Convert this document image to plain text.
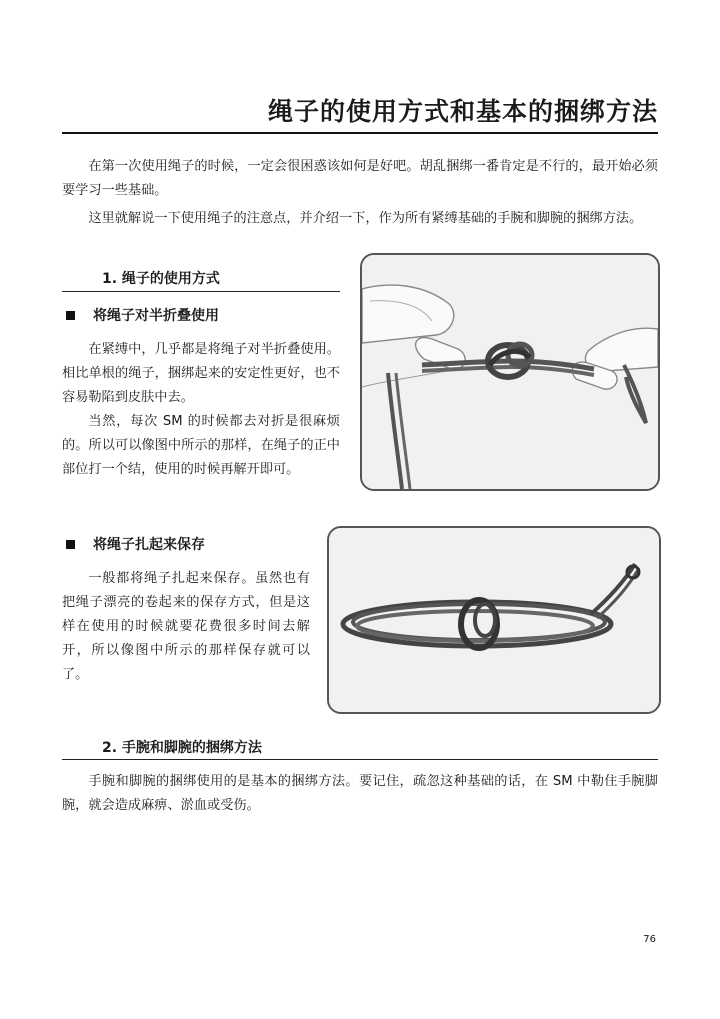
绳子的使用方式和基本的捆绑方法

在第一次使用绳子的时候，一定会很困惑该如何是好吧。胡乱捆绑一番肯定是不行的，最开始必须要学习一些基础。

这里就解说一下使用绳子的注意点，并介绍一下，作为所有紧缚基础的手腕和脚腕的捆绑方法。

1. 绳子的使用方式
将绳子对半折叠使用

在紧缚中，几乎都是将绳子对半折叠使用。相比单根的绳子，捆绑起来的安定性更好，也不容易勒陷到皮肤中去。

当然，每次 SM 的时候都去对折是很麻烦的。所以可以像图中所示的那样，在绳子的正中部位打一个结，使用的时候再解开即可。

将绳子扎起来保存

一般都将绳子扎起来保存。虽然也有把绳子漂亮的卷起来的保存方式，但是这样在使用的时候就要花费很多时间去解开，所以像图中所示的那样保存就可以了。

2. 手腕和脚腕的捆绑方法

手腕和脚腕的捆绑使用的是基本的捆绑方法。要记住，疏忽这种基础的话，在 SM 中勒住手腕脚腕，就会造成麻痹、淤血或受伤。

76
